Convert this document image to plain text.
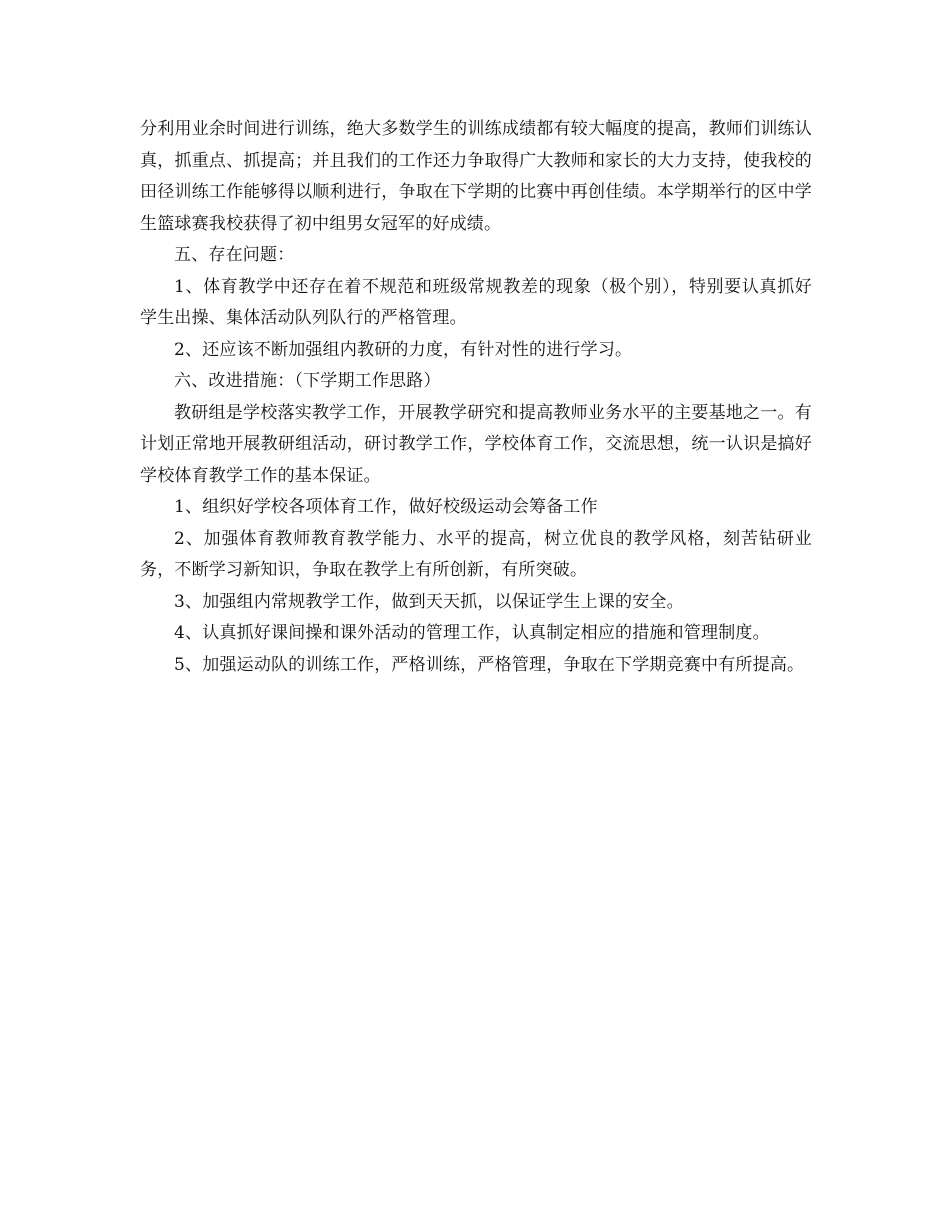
分利用业余时间进行训练，绝大多数学生的训练成绩都有较大幅度的提高，教师们训练认真，抓重点、抓提高；并且我们的工作还力争取得广大教师和家长的大力支持，使我校的田径训练工作能够得以顺利进行，争取在下学期的比赛中再创佳绩。本学期举行的区中学生篮球赛我校获得了初中组男女冠军的好成绩。

五、存在问题：

1、体育教学中还存在着不规范和班级常规教差的现象（极个别），特别要认真抓好学生出操、集体活动队列队行的严格管理。

2、还应该不断加强组内教研的力度，有针对性的进行学习。

六、改进措施：（下学期工作思路）

教研组是学校落实教学工作，开展教学研究和提高教师业务水平的主要基地之一。有计划正常地开展教研组活动，研讨教学工作，学校体育工作，交流思想，统一认识是搞好学校体育教学工作的基本保证。

1、组织好学校各项体育工作，做好校级运动会筹备工作

2、加强体育教师教育教学能力、水平的提高，树立优良的教学风格，刻苦钻研业务，不断学习新知识，争取在教学上有所创新，有所突破。

3、加强组内常规教学工作，做到天天抓，以保证学生上课的安全。

4、认真抓好课间操和课外活动的管理工作，认真制定相应的措施和管理制度。

5、加强运动队的训练工作，严格训练，严格管理，争取在下学期竞赛中有所提高。
